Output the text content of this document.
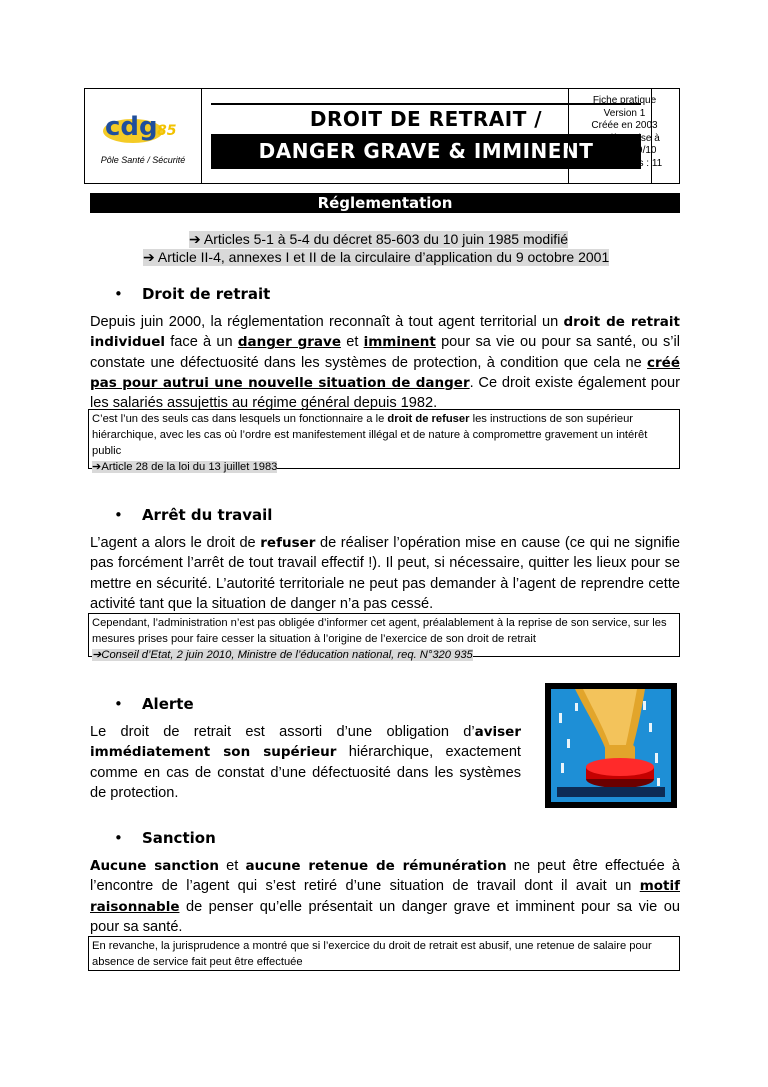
cdg 85
Pôle Santé / Sécurité
DROIT DE RETRAIT /
DANGER GRAVE & IMMINENT
Fiche pratique
Version 1
Créée en 2003
Dernière mise à
jour : 22/09/10
Nb de pages : 11
Réglementation
➔ Articles 5-1 à 5-4 du décret 85-603 du 10 juin 1985 modifié
➔ Article II-4, annexes I et II de la circulaire d’application du 9 octobre 2001
• Droit de retrait
Depuis juin 2000, la réglementation reconnaît à tout agent territorial un droit de retrait individuel face à un danger grave et imminent pour sa vie ou pour sa santé, ou s’il constate une défectuosité dans les systèmes de protection, à condition que cela ne créé pas pour autrui une nouvelle situation de danger. Ce droit existe également pour les salariés assujettis au régime général depuis 1982.
C’est l’un des seuls cas dans lesquels un fonctionnaire a le droit de refuser les instructions de son supérieur hiérarchique, avec les cas où l’ordre est manifestement illégal et de nature à compromettre gravement un intérêt public
➔Article 28 de la loi du 13 juillet 1983
• Arrêt du travail
L’agent a alors le droit de refuser de réaliser l’opération mise en cause (ce qui ne signifie pas forcément l’arrêt de tout travail effectif !). Il peut, si nécessaire, quitter les lieux pour se mettre en sécurité. L’autorité territoriale ne peut pas demander à l’agent de reprendre cette activité tant que la situation de danger n’a pas cessé.
Cependant, l’administration n’est pas obligée d’informer cet agent, préalablement à la reprise de son service, sur les mesures prises pour faire cesser la situation à l’origine de l’exercice de son droit de retrait
➔Conseil d’Etat, 2 juin 2010, Ministre de l’éducation national, req. N°320 935
• Alerte
Le droit de retrait est assorti d’une obligation d’aviser immédiatement son supérieur hiérarchique, exactement comme en cas de constat d’une défectuosité dans les systèmes de protection.
• Sanction
Aucune sanction et aucune retenue de rémunération ne peut être effectuée à l’encontre de l’agent qui s’est retiré d’une situation de travail dont il avait un motif raisonnable de penser qu’elle présentait un danger grave et imminent pour sa vie ou pour sa santé.
En revanche, la jurisprudence a montré que si l’exercice du droit de retrait est abusif, une retenue de salaire pour absence de service fait peut être effectuée
